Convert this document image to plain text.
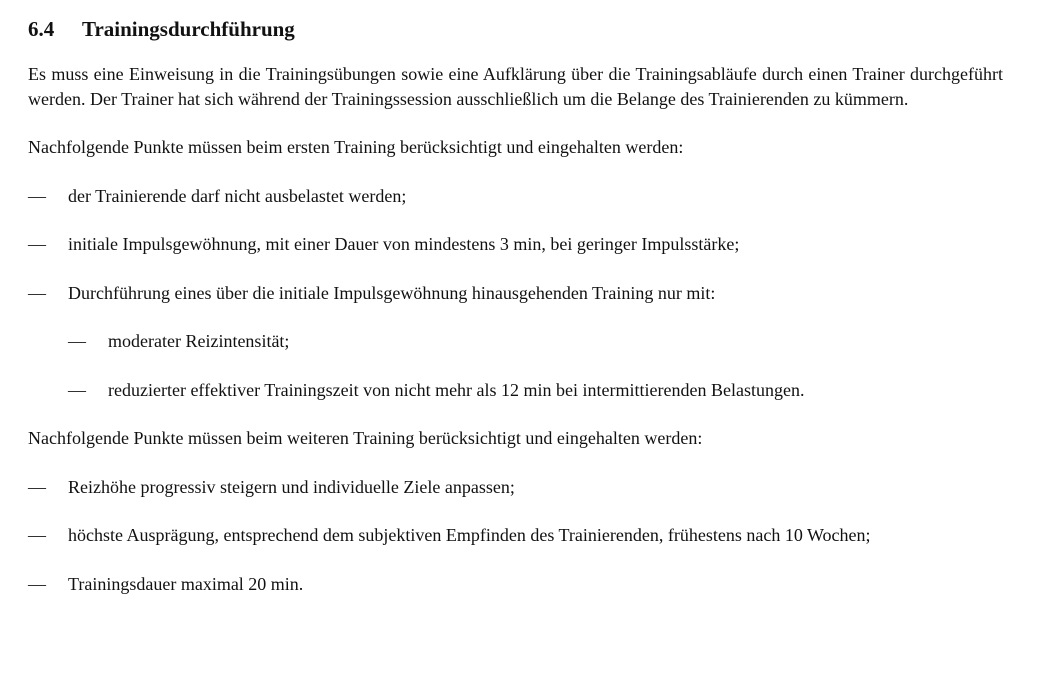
6.4	Trainingsdurchführung

Es muss eine Einweisung in die Trainingsübungen sowie eine Aufklärung über die Trainingsabläufe durch einen Trainer durchgeführt werden. Der Trainer hat sich während der Trainingssession ausschließlich um die Belange des Trainierenden zu kümmern.

Nachfolgende Punkte müssen beim ersten Training berücksichtigt und eingehalten werden:

—	der Trainierende darf nicht ausbelastet werden;
—	initiale Impulsgewöhnung, mit einer Dauer von mindestens 3 min, bei geringer Impulsstärke;
—	Durchführung eines über die initiale Impulsgewöhnung hinausgehenden Training nur mit:
—	moderater Reizintensität;
—	reduzierter effektiver Trainingszeit von nicht mehr als 12 min bei intermittierenden Belastungen.

Nachfolgende Punkte müssen beim weiteren Training berücksichtigt und eingehalten werden:

—	Reizhöhe progressiv steigern und individuelle Ziele anpassen;
—	höchste Ausprägung, entsprechend dem subjektiven Empfinden des Trainierenden, frühestens nach 10 Wochen;
—	Trainingsdauer maximal 20 min.
